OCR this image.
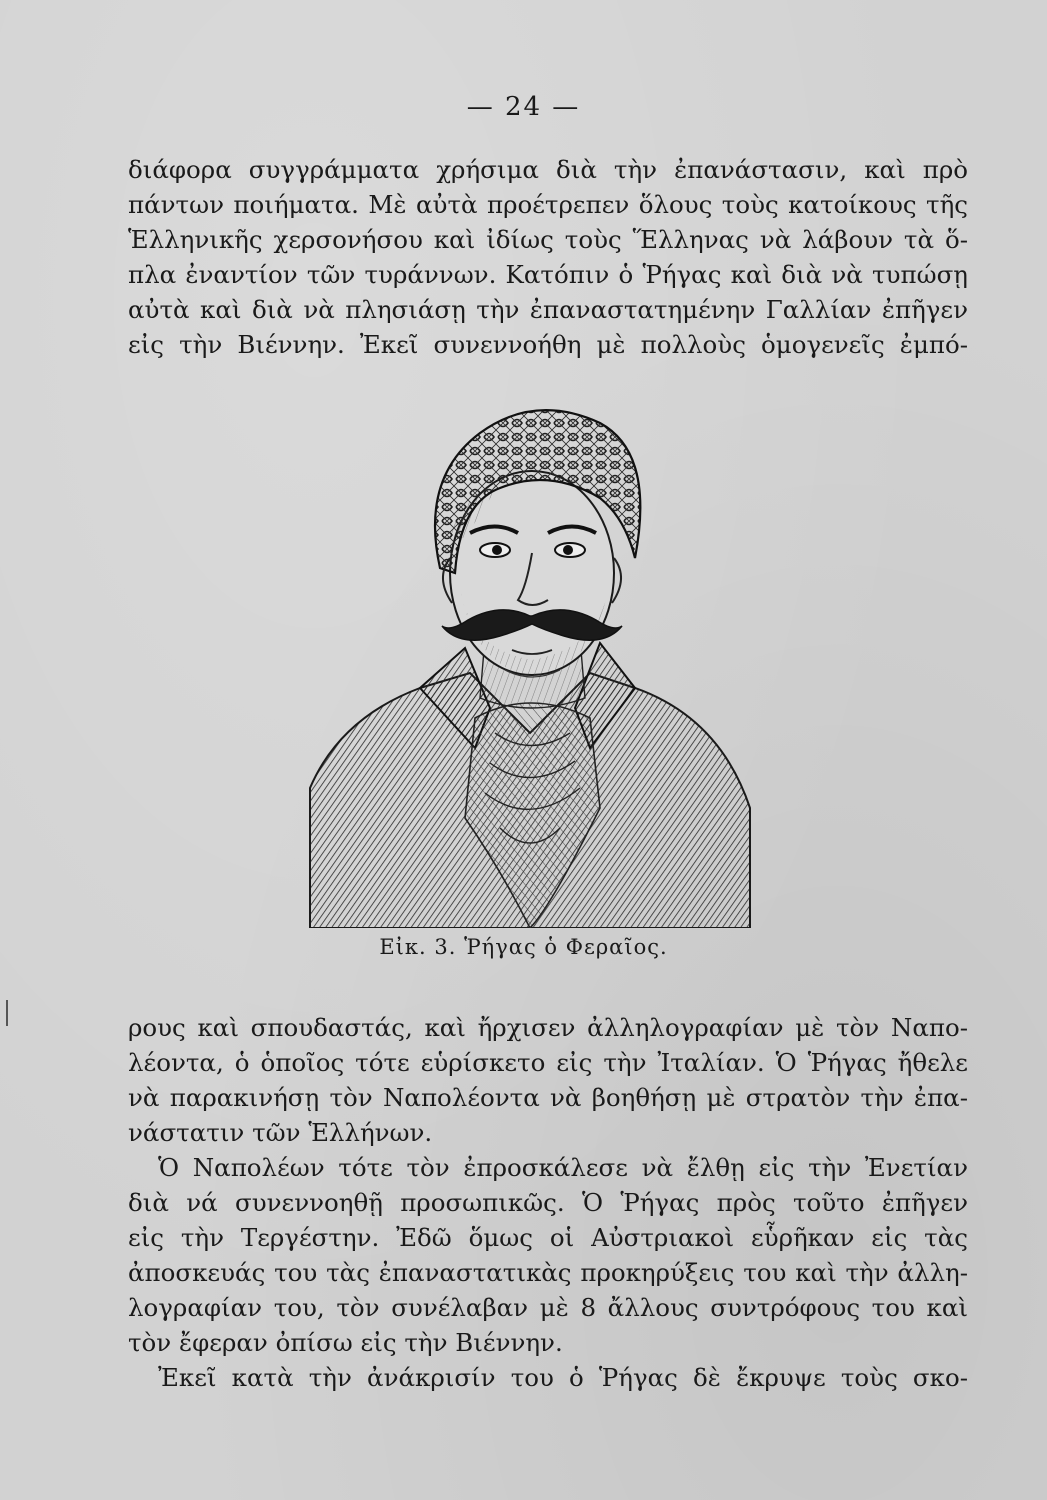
— 24 —
διάφορα συγγράμματα χρήσιμα διὰ τὴν ἐπανάστασιν, καὶ πρὸ
πάντων ποιήματα. Μὲ αὐτὰ προέτρεπεν ὅλους τοὺς κατοίκους τῆς
Ἑλληνικῆς χερσονήσου καὶ ἰδίως τοὺς Ἕλληνας νὰ λάβουν τὰ ὅ-
πλα ἐναντίον τῶν τυράννων. Κατόπιν ὁ Ῥήγας καὶ διὰ νὰ τυπώσῃ
αὐτὰ καὶ διὰ νὰ πλησιάσῃ τὴν ἐπαναστατημένην Γαλλίαν ἐπῆγεν
εἰς τὴν Βιέννην. Ἐκεῖ συνεννοήθη μὲ πολλοὺς ὁμογενεῖς ἐμπό-
Εἰκ. 3. Ῥήγας ὁ Φεραῖος.
ρους καὶ σπουδαστάς, καὶ ἤρχισεν ἀλληλογραφίαν μὲ τὸν Ναπο-
λέοντα, ὁ ὁποῖος τότε εὑρίσκετο εἰς τὴν Ἰταλίαν. Ὁ Ῥήγας ἤθελε
νὰ παρακινήσῃ τὸν Ναπολέοντα νὰ βοηθήσῃ μὲ στρατὸν τὴν ἐπα-
νάστατιν τῶν Ἑλλήνων.
Ὁ Ναπολέων τότε τὸν ἐπροσκάλεσε νὰ ἔλθῃ εἰς τὴν Ἐνετίαν
διὰ νά συνεννοηθῇ προσωπικῶς. Ὁ Ῥήγας πρὸς τοῦτο ἐπῆγεν
εἰς τὴν Τεργέστην. Ἐδῶ ὅμως οἱ Αὐστριακοὶ εὗρῆκαν εἰς τὰς
ἀποσκευάς του τὰς ἐπαναστατικὰς προκηρύξεις του καὶ τὴν ἀλλη-
λογραφίαν του, τὸν συνέλαβαν μὲ 8 ἄλλους συντρόφους του καὶ
τὸν ἔφεραν ὀπίσω εἰς τὴν Βιέννην.
Ἐκεῖ κατὰ τὴν ἀνάκρισίν του ὁ Ῥήγας δὲ ἔκρυψε τοὺς σκο-
